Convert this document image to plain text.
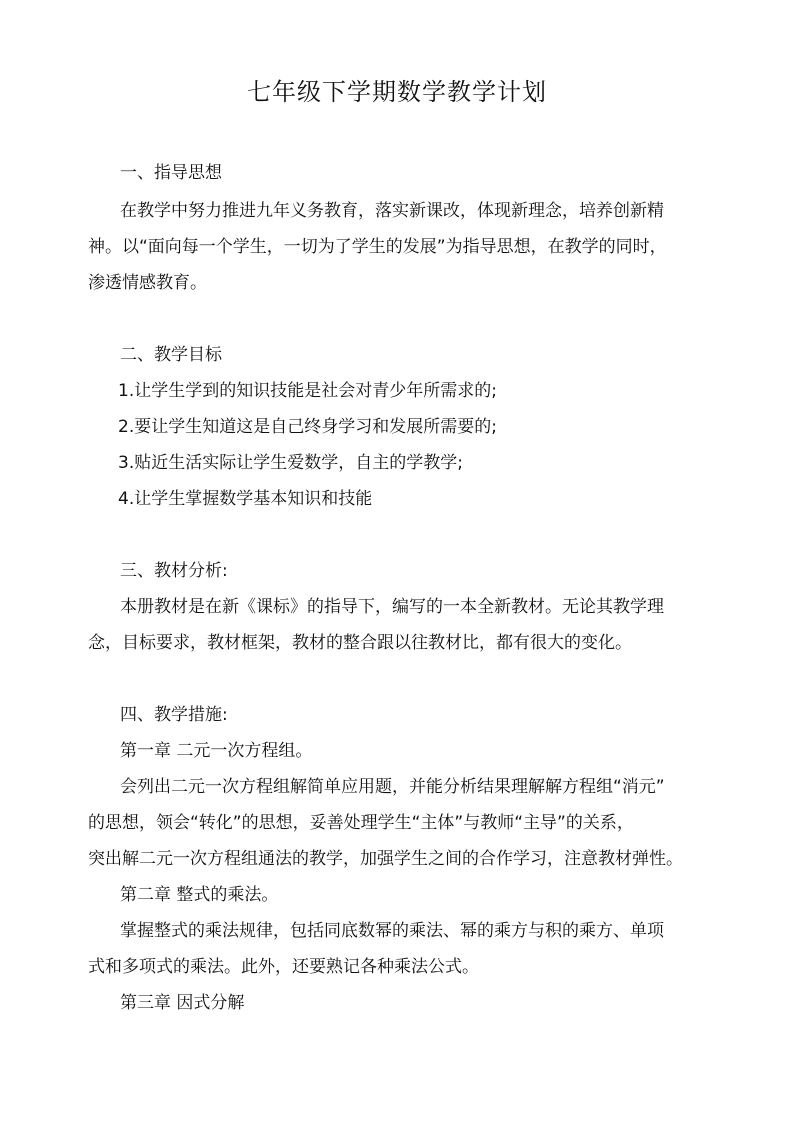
七年级下学期数学教学计划
一、指导思想
在教学中努力推进九年义务教育，落实新课改，体现新理念，培养创新精
神。以“面向每一个学生，一切为了学生的发展”为指导思想，在教学的同时，
渗透情感教育。
二、教学目标
1.让学生学到的知识技能是社会对青少年所需求的;
2.要让学生知道这是自己终身学习和发展所需要的;
3.贴近生活实际让学生爱数学，自主的学教学;
4.让学生掌握数学基本知识和技能
三、教材分析:
本册教材是在新《课标》的指导下，编写的一本全新教材。无论其教学理
念，目标要求，教材框架，教材的整合跟以往教材比，都有很大的变化。
四、教学措施:
第一章 二元一次方程组。
会列出二元一次方程组解简单应用题，并能分析结果理解解方程组“消元”
的思想，领会“转化”的思想，妥善处理学生“主体”与教师“主导”的关系，
突出解二元一次方程组通法的教学，加强学生之间的合作学习，注意教材弹性。
第二章 整式的乘法。
掌握整式的乘法规律，包括同底数幂的乘法、幂的乘方与积的乘方、单项
式和多项式的乘法。此外，还要熟记各种乘法公式。
第三章 因式分解
